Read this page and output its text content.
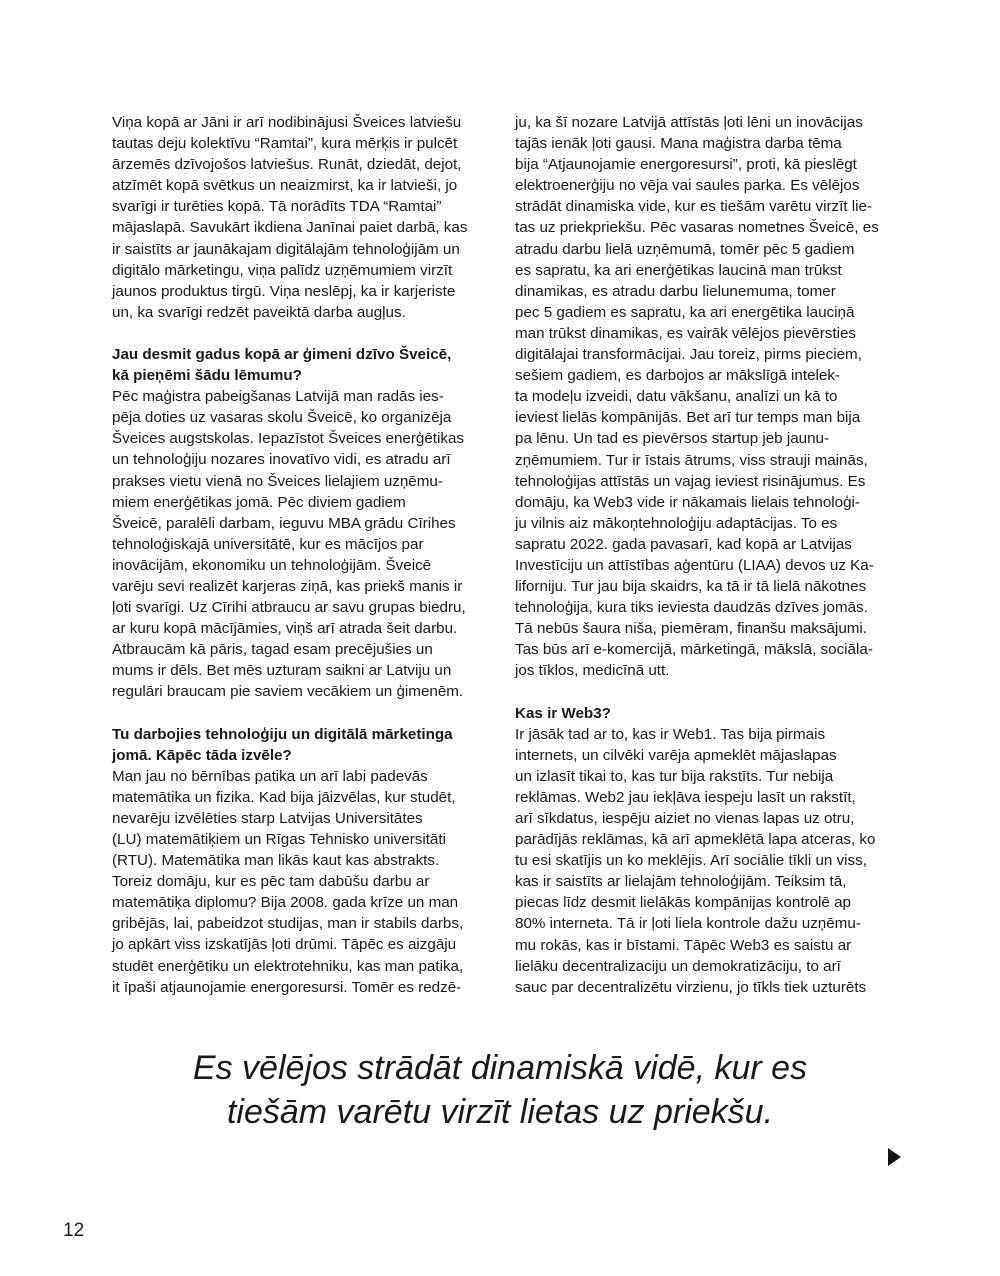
Viņa kopā ar Jāni ir arī nodibinājusi Šveices latviešu
tautas deju kolektīvu “Ramtai”, kura mērķis ir pulcēt
ārzemēs dzīvojošos latviešus. Runāt, dziedāt, dejot,
atzīmēt kopā svētkus un neaizmirst, ka ir latvieši, jo
svarīgi ir turēties kopā. Tā norādīts TDA “Ramtai”
mājaslapā. Savukārt ikdiena Janīnai paiet darbā, kas
ir saistīts ar jaunākajam digitālajām tehnoloģijām un
digitālo mārketingu, viņa palīdz uzņēmumiem virzīt
jaunos produktus tirgū. Viņa neslēpj, ka ir karjeriste
un, ka svarīgi redzēt paveiktā darba augļus.

Jau desmit gadus kopā ar ģimeni dzīvo Šveicē,
kā pieņēmi šādu lēmumu?

Pēc maģistra pabeigšanas Latvijā man radās ies-
pēja doties uz vasaras skolu Šveicē, ko organizēja
Šveices augstskolas. Iepazīstot Šveices enerģētikas
un tehnoloģiju nozares inovatīvo vidi, es atradu arī
prakses vietu vienā no Šveices lielajiem uzņēmu-
miem enerģētikas jomā. Pēc diviem gadiem
Šveicē, paralēli darbam, ieguvu MBA grādu Cīrihes
tehnoloģiskajā universitātē, kur es mācījos par
inovācijām, ekonomiku un tehnoloģijām. Šveicē
varēju sevi realizēt karjeras ziņā, kas priekš manis ir
ļoti svarīgi. Uz Cīrihi atbraucu ar savu grupas biedru,
ar kuru kopā mācījāmies, viņš arī atrada šeit darbu.
Atbraucām kā pāris, tagad esam precējušies un
mums ir dēls. Bet mēs uzturam saikni ar Latviju un
regulāri braucam pie saviem vecākiem un ģimenēm.

Tu darbojies tehnoloģiju un digitālā mārketinga
jomā. Kāpēc tāda izvēle?

Man jau no bērnības patika un arī labi padevās
matemātika un fizika. Kad bija jāizvēlas, kur studēt,
nevarēju izvēlēties starp Latvijas Universitātes
(LU) matemātiķiem un Rīgas Tehnisko universitāti
(RTU). Matemātika man likās kaut kas abstrakts.
Toreiz domāju, kur es pēc tam dabūšu darbu ar
matemātiķa diplomu? Bija 2008. gada krīze un man
gribējās, lai, pabeidzot studijas, man ir stabils darbs,
jo apkārt viss izskatījās ļoti drūmi. Tāpēc es aizgāju
studēt enerģētiku un elektrotehniku, kas man patika,
it īpaši atjaunojamie energoresursi. Tomēr es redzē-

ju, ka šī nozare Latvijā attīstās ļoti lēni un inovācijas
tajās ienāk ļoti gausi. Mana maģistra darba tēma
bija “Atjaunojamie energoresursi”, proti, kā pieslēgt
elektroenerģiju no vēja vai saules parka. Es vēlējos
strādāt dinamiska vide, kur es tiešām varētu virzīt lie-
tas uz priekpriekšu. Pēc vasaras nometnes Šveicē, es
atradu darbu lielā uzņēmumā, tomēr pēc 5 gadiem
es sapratu, ka ari enerģētikas laucinā man trūkst
dinamikas, es atradu darbu lielunemuma, tomer
pec 5 gadiem es sapratu, ka ari energētika lauciņā
man trūkst dinamikas, es vairāk vēlējos pievērsties
digitālajai transformācijai. Jau toreiz, pirms pieciem,
sešiem gadiem, es darbojos ar mākslīgā intelek-
ta modeļu izveidi, datu vākšanu, analīzi un kā to
ieviest lielās kompānijās. Bet arī tur temps man bija
pa lēnu. Un tad es pievērsos startup jeb jaunu-
zņēmumiem. Tur ir īstais ātrums, viss strauji mainās,
tehnoloģijas attīstās un vajag ieviest risinājumus. Es
domāju, ka Web3 vide ir nākamais lielais tehnoloģi-
ju vilnis aiz mākoņtehnoloģiju adaptācijas. To es
sapratu 2022. gada pavasarī, kad kopā ar Latvijas
Investīciju un attīstības aģentūru (LIAA) devos uz Ka-
liforniju. Tur jau bija skaidrs, ka tā ir tā lielā nākotnes
tehnoloģija, kura tiks ieviesta daudzās dzīves jomās.
Tā nebūs šaura niša, piemēram, finanšu maksājumi.
Tas būs arī e-komercijā, mārketingā, mākslā, sociāla-
jos tīklos, medicīnā utt.

Kas ir Web3?

Ir jāsāk tad ar to, kas ir Web1. Tas bija pirmais
internets, un cilvēki varēja apmeklēt mājaslapas
un izlasīt tikai to, kas tur bija rakstīts. Tur nebija
reklāmas. Web2 jau iekļāva iespeju lasīt un rakstīt,
arī sīkdatus, iespēju aiziet no vienas lapas uz otru,
parādījās reklāmas, kā arī apmeklētā lapa atceras, ko
tu esi skatījis un ko meklējis. Arī sociālie tīkli un viss,
kas ir saistīts ar lielajām tehnoloģijām. Teiksim tā,
piecas līdz desmit lielākās kompānijas kontrolē ap
80% interneta. Tā ir ļoti liela kontrole dažu uzņēmu-
mu rokās, kas ir bīstami. Tāpēc Web3 es saistu ar
lielāku decentralizaciju un demokratizāciju, to arī
sauc par decentralizētu virzienu, jo tīkls tiek uzturēts

Es vēlējos strādāt dinamiskā vidē, kur es
tiešām varētu virzīt lietas uz priekšu.
12
